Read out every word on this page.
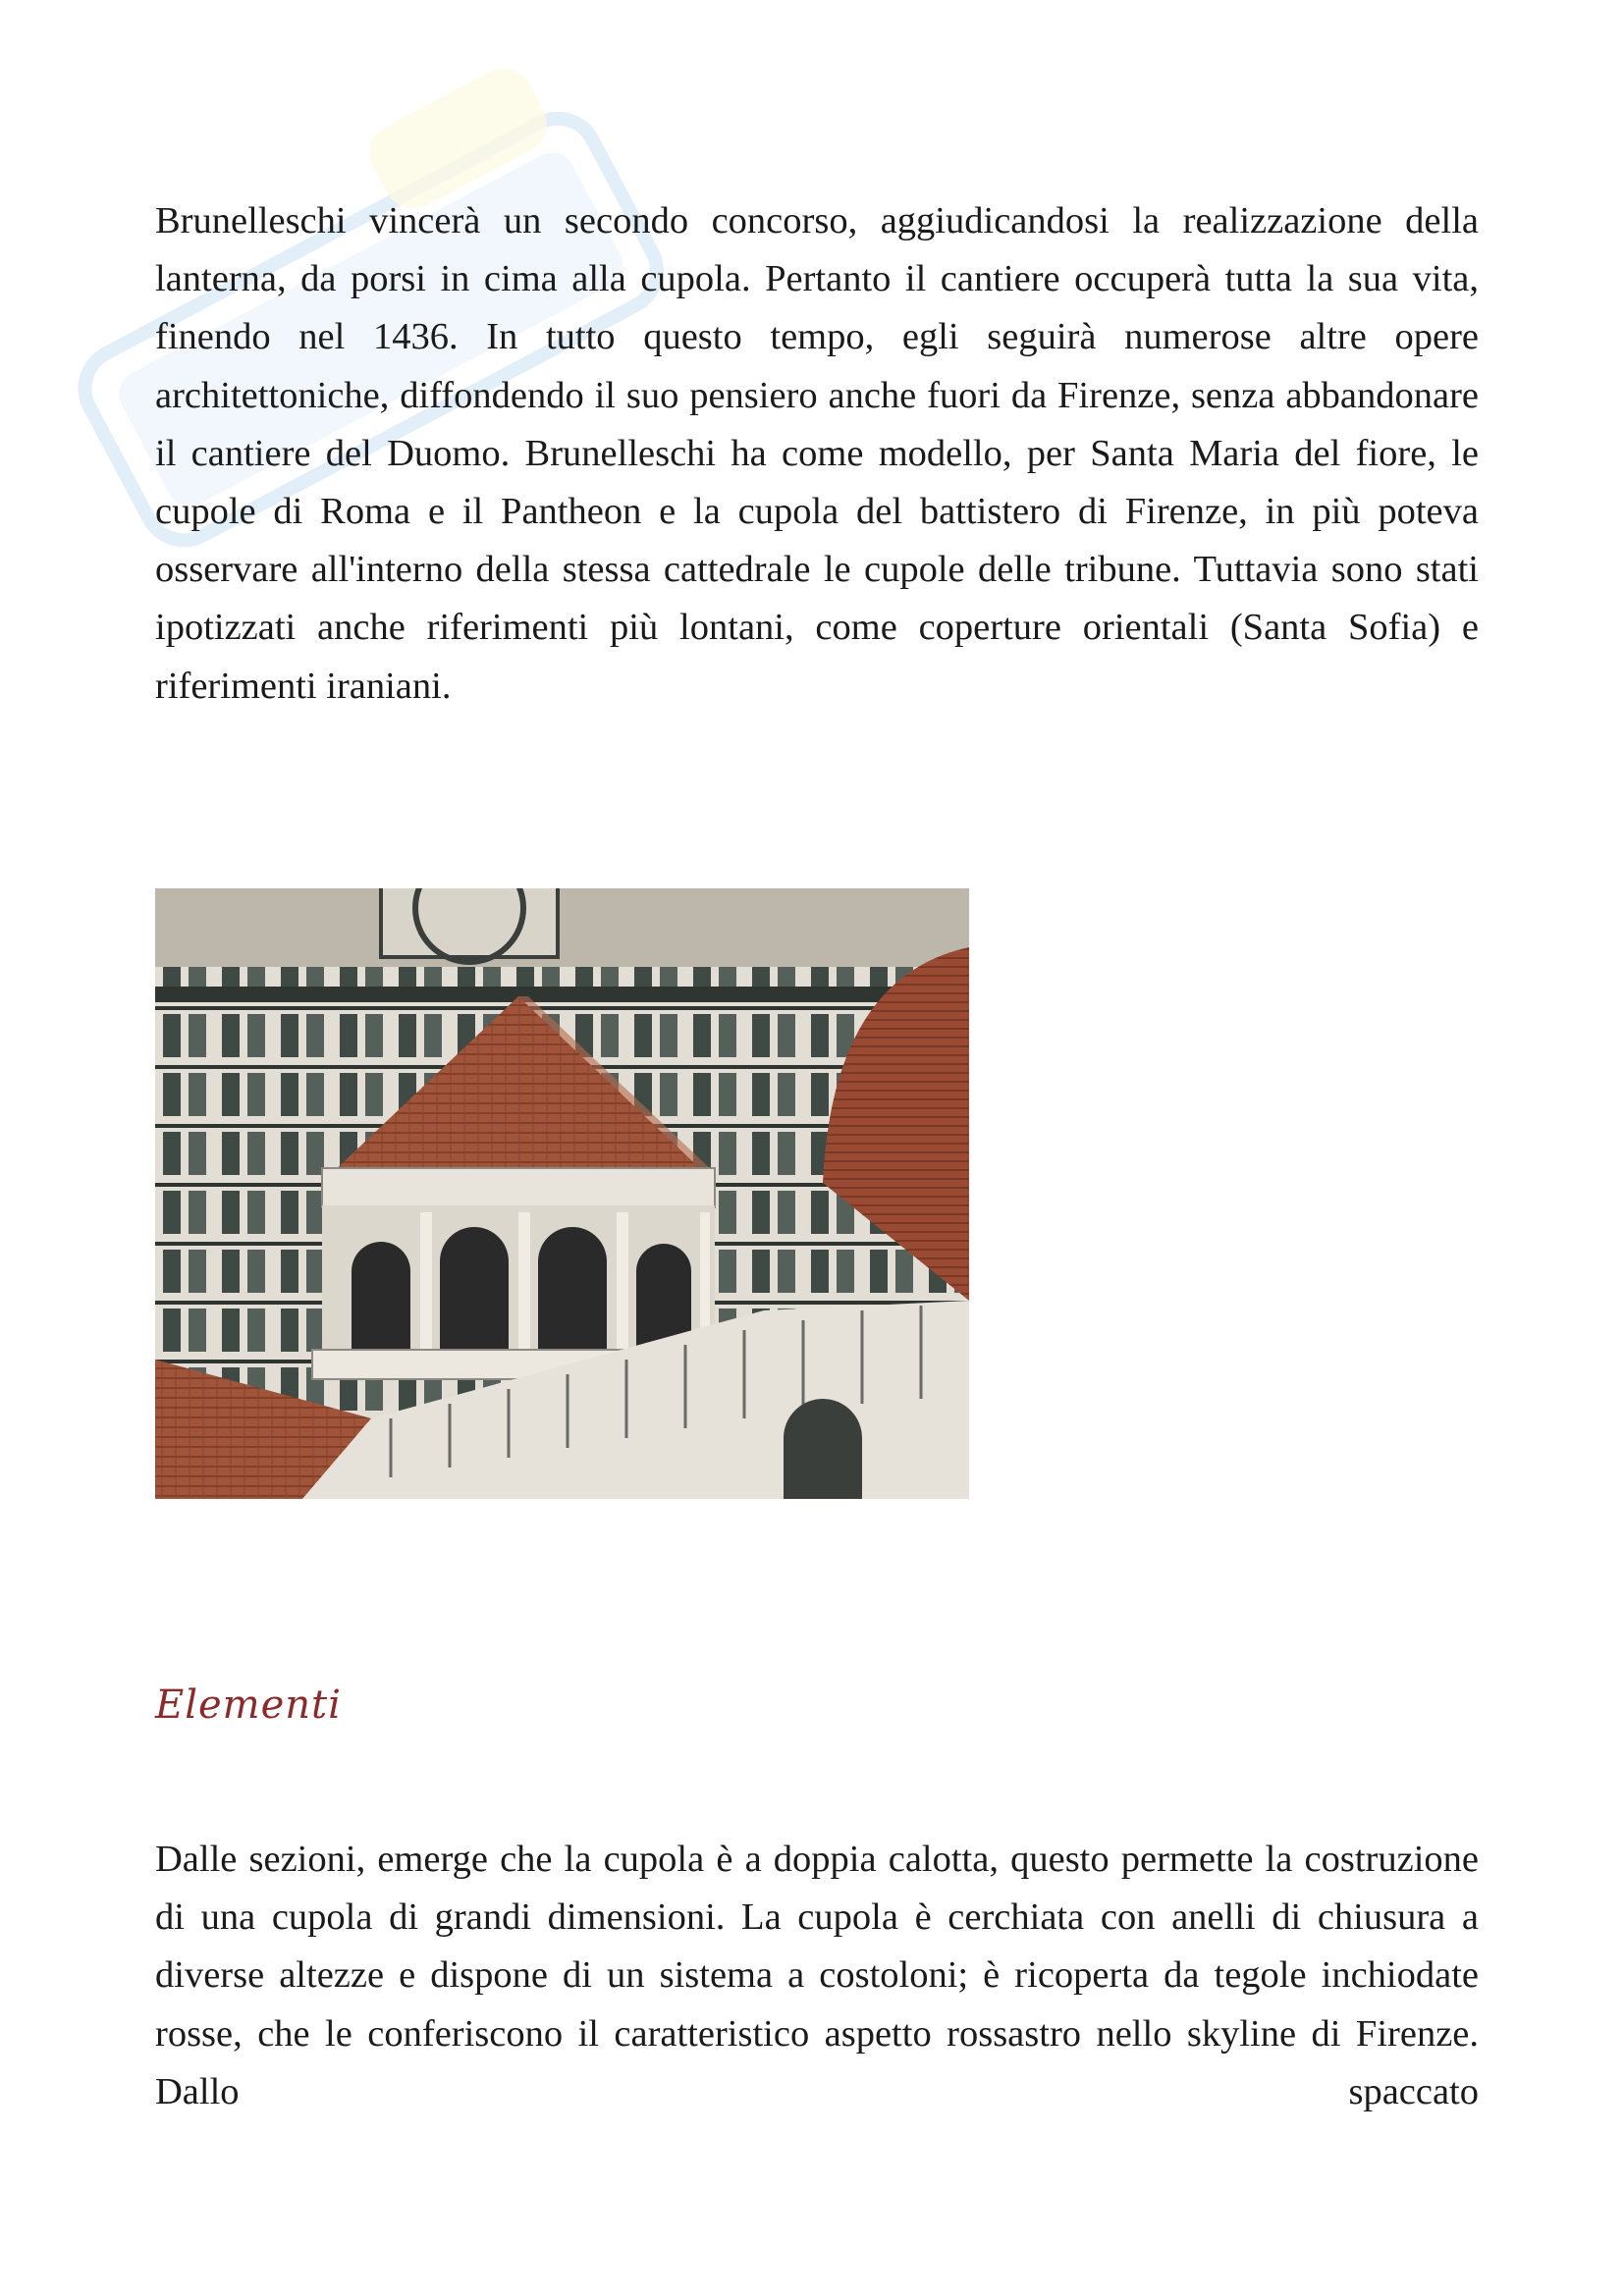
Brunelleschi vincerà un secondo concorso, aggiudicandosi la realizzazione della lanterna, da porsi in cima alla cupola. Pertanto il cantiere occuperà tutta la sua vita, finendo nel 1436. In tutto questo tempo, egli seguirà numerose altre opere architettoniche, diffondendo il suo pensiero anche fuori da Firenze, senza abbandonare il cantiere del Duomo. Brunelleschi ha come modello, per Santa Maria del fiore, le cupole di Roma e il Pantheon e la cupola del battistero di Firenze, in più poteva osservare all'interno della stessa cattedrale le cupole delle tribune. Tuttavia sono stati ipotizzati anche riferimenti più lontani, come coperture orientali (Santa Sofia) e riferimenti iraniani.

Elementi

Dalle sezioni, emerge che la cupola è a doppia calotta, questo permette la costruzione di una cupola di grandi dimensioni. La cupola è cerchiata con anelli di chiusura a diverse altezze e dispone di un sistema a costoloni; è ricoperta da tegole inchiodate rosse, che le conferiscono il caratteristico aspetto rossastro nello skyline di Firenze. Dallo spaccato
